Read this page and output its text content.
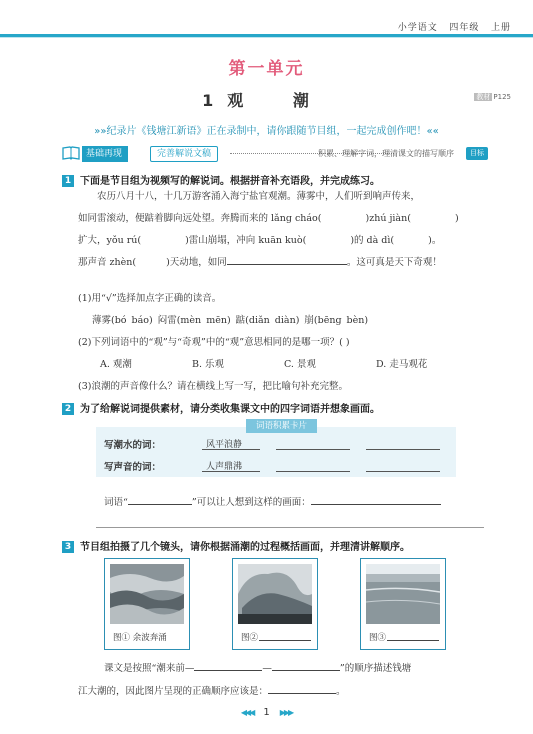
小学语文 四年级 上册
第一单元
1 观 潮	教材 P125
»»纪录片《钱塘江新语》正在录制中，请你跟随节目组，一起完成创作吧！««
基础再现	完善解说文稿	积累、理解字词，理清课文的描写顺序	目标
1 下面是节目组为视频写的解说词。根据拼音补充语段，并完成练习。
农历八月十八，十几万游客涌入海宁盐官观潮。薄雾中，人们听到响声传来，
如同雷滚动，便踮着脚向远处望。奔腾而来的 lǎng cháo(	)zhú jiàn(	)
扩大，yǒu rú(	)雷山崩塌，冲向 kuān kuò(	)的 dà dì(	)。
那声音 zhèn(	)天动地，如同	。这可真是天下奇观！
(1)用“√”选择加点字正确的读音。
薄雾(bó báo) 闷雷(mèn mēn) 踮(diǎn diàn) 崩(bēng bèn)
(2)下列词语中的“观”与“奇观”中的“观”意思相同的是哪一项？( )
A. 观潮	B. 乐观	C. 景观	D. 走马观花
(3)浪潮的声音像什么？请在横线上写一写，把比喻句补充完整。
2 为了给解说词提供素材，请分类收集课文中的四字词语并想象画面。
词语积累卡片
写潮水的词：	风平浪静
写声音的词：	人声鼎沸
词语“	”可以让人想到这样的画面：
3 节目组拍摄了几个镜头，请你根据涌潮的过程概括画面，并理清讲解顺序。
图① 余波奔涌	图②	图③
课文是按照“潮来前—	—	”的顺序描述钱塘
江大潮的，因此图片呈现的正确顺序应该是：	。
◀◀◀ 1 ▶▶▶
